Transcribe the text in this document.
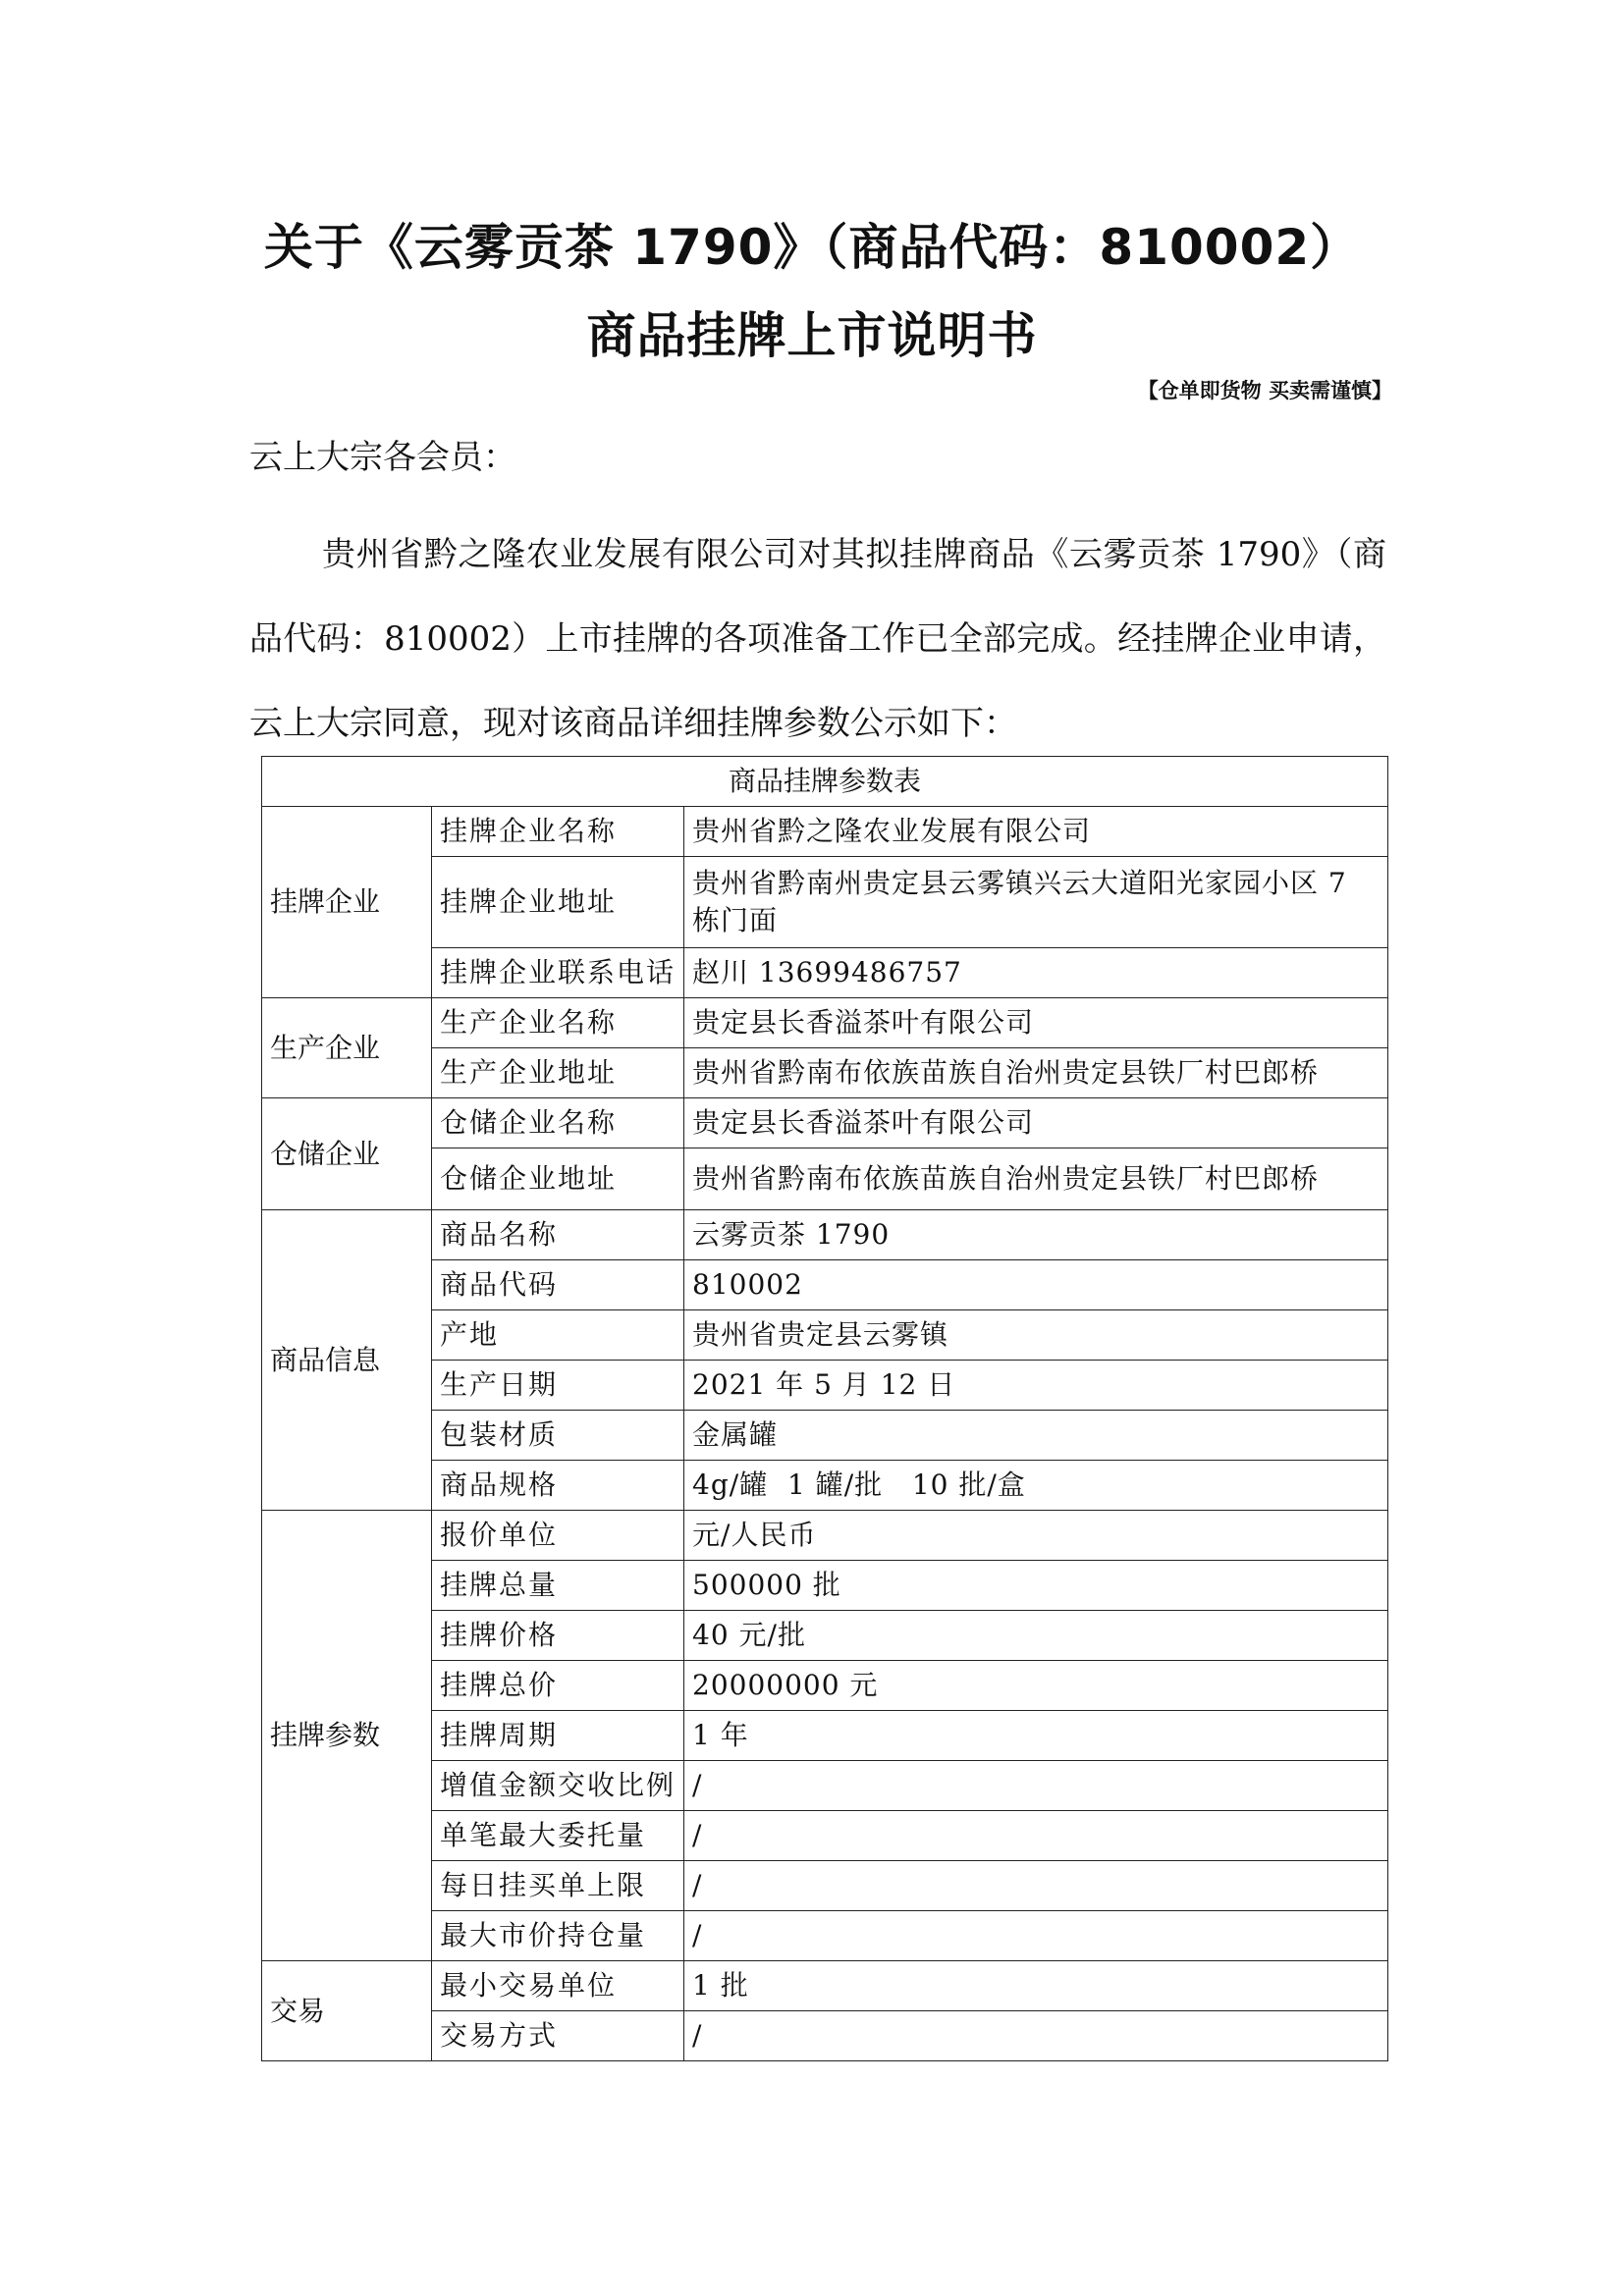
关于《云雾贡茶 1790》（商品代码：810002）
商品挂牌上市说明书
【仓单即货物 买卖需谨慎】
云上大宗各会员：

贵州省黔之隆农业发展有限公司对其拟挂牌商品《云雾贡茶 1790》（商品代码：810002）上市挂牌的各项准备工作已全部完成。经挂牌企业申请，云上大宗同意，现对该商品详细挂牌参数公示如下：

商品挂牌参数表		
挂牌企业	挂牌企业名称	贵州省黔之隆农业发展有限公司
	挂牌企业地址	贵州省黔南州贵定县云雾镇兴云大道阳光家园小区 7 栋门面
	挂牌企业联系电话	赵川 13699486757
生产企业	生产企业名称	贵定县长香溢茶叶有限公司
	生产企业地址	贵州省黔南布依族苗族自治州贵定县铁厂村巴郎桥
仓储企业	仓储企业名称	贵定县长香溢茶叶有限公司
	仓储企业地址	贵州省黔南布依族苗族自治州贵定县铁厂村巴郎桥
商品信息	商品名称	云雾贡茶 1790
	商品代码	810002
	产地	贵州省贵定县云雾镇
	生产日期	2021 年 5 月 12 日
	包装材质	金属罐
	商品规格	4g/罐  1 罐/批   10 批/盒
挂牌参数	报价单位	元/人民币
	挂牌总量	500000 批
	挂牌价格	40 元/批
	挂牌总价	20000000 元
	挂牌周期	1 年
	增值金额交收比例	/
	单笔最大委托量	/
	每日挂买单上限	/
	最大市价持仓量	/
交易	最小交易单位	1 批
	交易方式	/
